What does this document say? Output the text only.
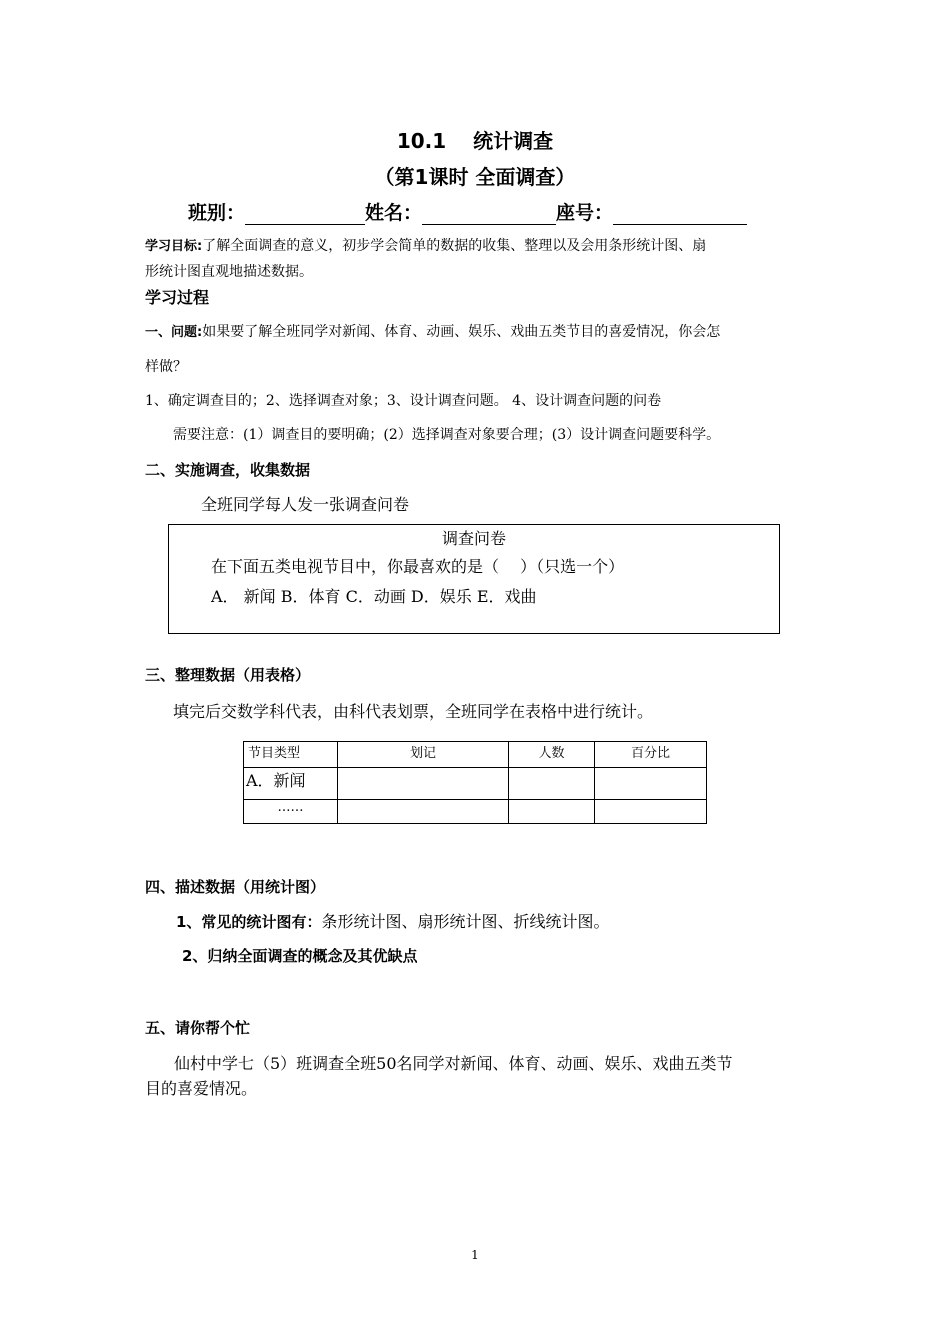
10.1　 统计调查
（第1课时 全面调查）
班别：	姓名：	座号：
学习目标:了解全面调查的意义，初步学会简单的数据的收集、整理以及会用条形统计图、扇
形统计图直观地描述数据。
学习过程
一、问题:如果要了解全班同学对新闻、体育、动画、娱乐、戏曲五类节目的喜爱情况，你会怎
样做？
1、确定调查目的；2、选择调查对象；3、设计调查问题。 4、设计调查问题的问卷
需要注意：(1）调查目的要明确；(2）选择调查对象要合理；(3）设计调查问题要科学。
二、实施调查，收集数据
全班同学每人发一张调查问卷
调查问卷
在下面五类电视节目中，你最喜欢的是（　 ）（只选一个）
A． 新闻 B．体育 C．动画 D．娱乐 E．戏曲
三、整理数据（用表格）
填完后交数学科代表，由科代表划票，全班同学在表格中进行统计。
节目类型	划记	人数	百分比
A．新闻			
……			
四、描述数据（用统计图）
1、常见的统计图有：条形统计图、扇形统计图、折线统计图。
2、归纳全面调查的概念及其优缺点
五、请你帮个忙
仙村中学七（5）班调查全班50名同学对新闻、体育、动画、娱乐、戏曲五类节
目的喜爱情况。
1
